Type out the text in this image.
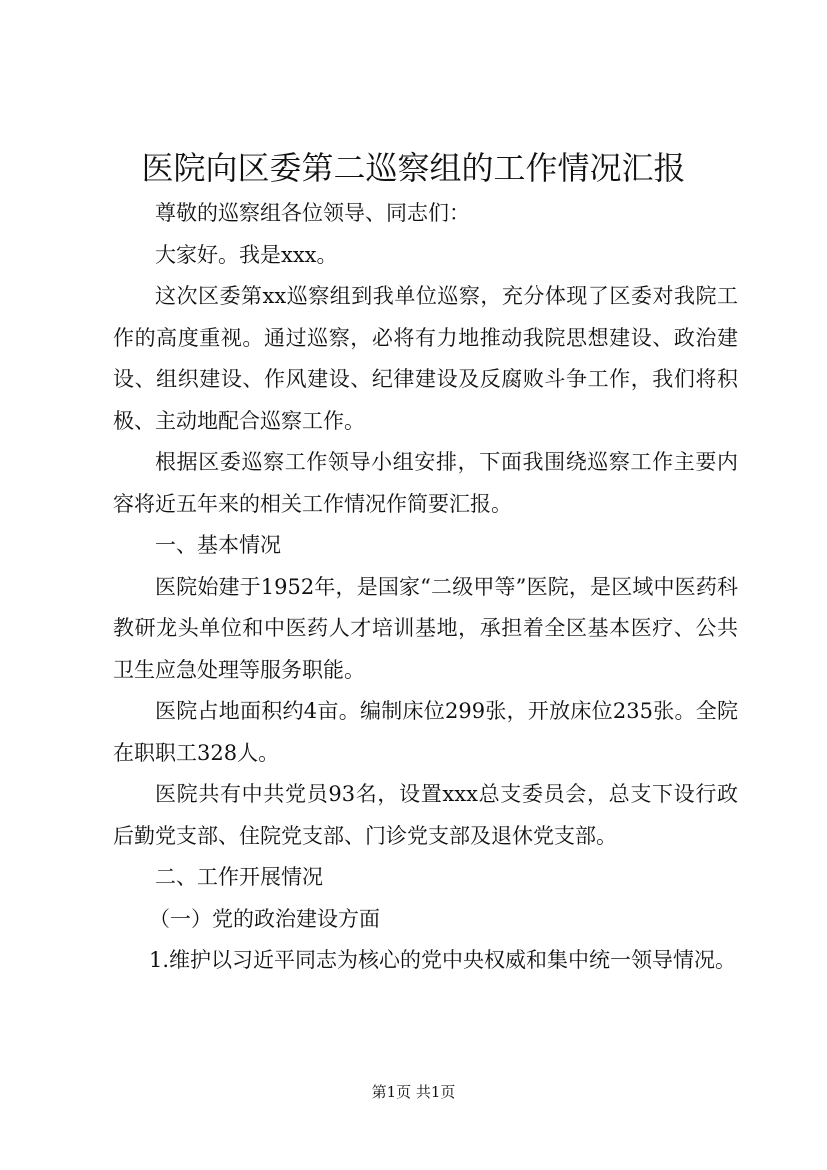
医院向区委第二巡察组的工作情况汇报

尊敬的巡察组各位领导、同志们：

大家好。我是xxx。

这次区委第xx巡察组到我单位巡察，充分体现了区委对我院工作的高度重视。通过巡察，必将有力地推动我院思想建设、政治建设、组织建设、作风建设、纪律建设及反腐败斗争工作，我们将积极、主动地配合巡察工作。

根据区委巡察工作领导小组安排，下面我围绕巡察工作主要内容将近五年来的相关工作情况作简要汇报。

一、基本情况

医院始建于1952年，是国家“二级甲等”医院，是区域中医药科教研龙头单位和中医药人才培训基地，承担着全区基本医疗、公共卫生应急处理等服务职能。

医院占地面积约4亩。编制床位299张，开放床位235张。全院在职职工328人。

医院共有中共党员93名，设置xxx总支委员会，总支下设行政后勤党支部、住院党支部、门诊党支部及退休党支部。

二、工作开展情况

（一）党的政治建设方面

1.维护以习近平同志为核心的党中央权威和集中统一领导情况。

第1页 共1页
